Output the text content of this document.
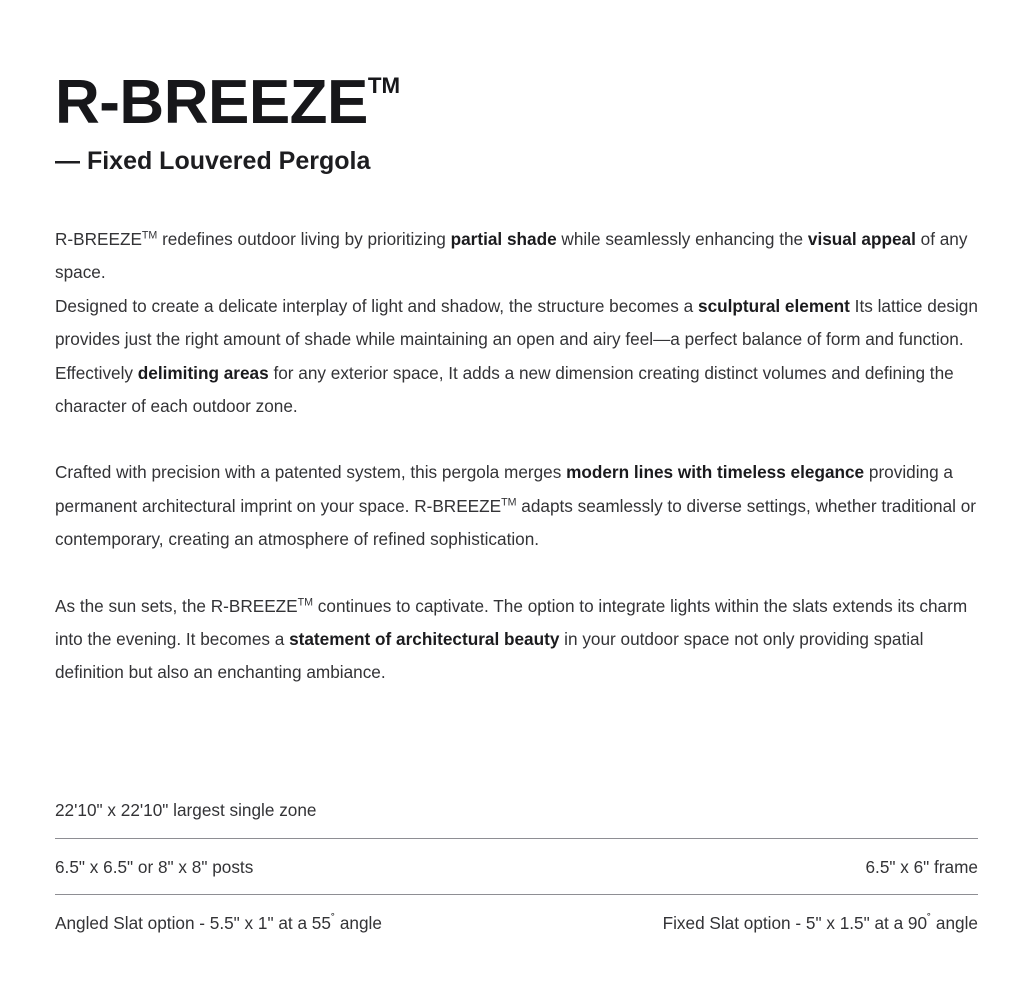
R-BREEZE™
— Fixed Louvered Pergola

R-BREEZE™ redefines outdoor living by prioritizing partial shade while seamlessly enhancing the visual appeal of any space.
Designed to create a delicate interplay of light and shadow, the structure becomes a sculptural element Its lattice design provides just the right amount of shade while maintaining an open and airy feel—a perfect balance of form and function. Effectively delimiting areas for any exterior space, It adds a new dimension creating distinct volumes and defining the character of each outdoor zone.

Crafted with precision with a patented system, this pergola merges modern lines with timeless elegance providing a permanent architectural imprint on your space. R-BREEZE™ adapts seamlessly to diverse settings, whether traditional or contemporary, creating an atmosphere of refined sophistication.

As the sun sets, the R-BREEZE™ continues to captivate. The option to integrate lights within the slats extends its charm into the evening. It becomes a statement of architectural beauty in your outdoor space not only providing spatial definition but also an enchanting ambiance.

22'10" x 22'10" largest single zone
6.5" x 6.5" or 8" x 8" posts	6.5" x 6" frame
Angled Slat option - 5.5" x 1" at a 55˚ angle	Fixed Slat option - 5" x 1.5" at a 90˚ angle
